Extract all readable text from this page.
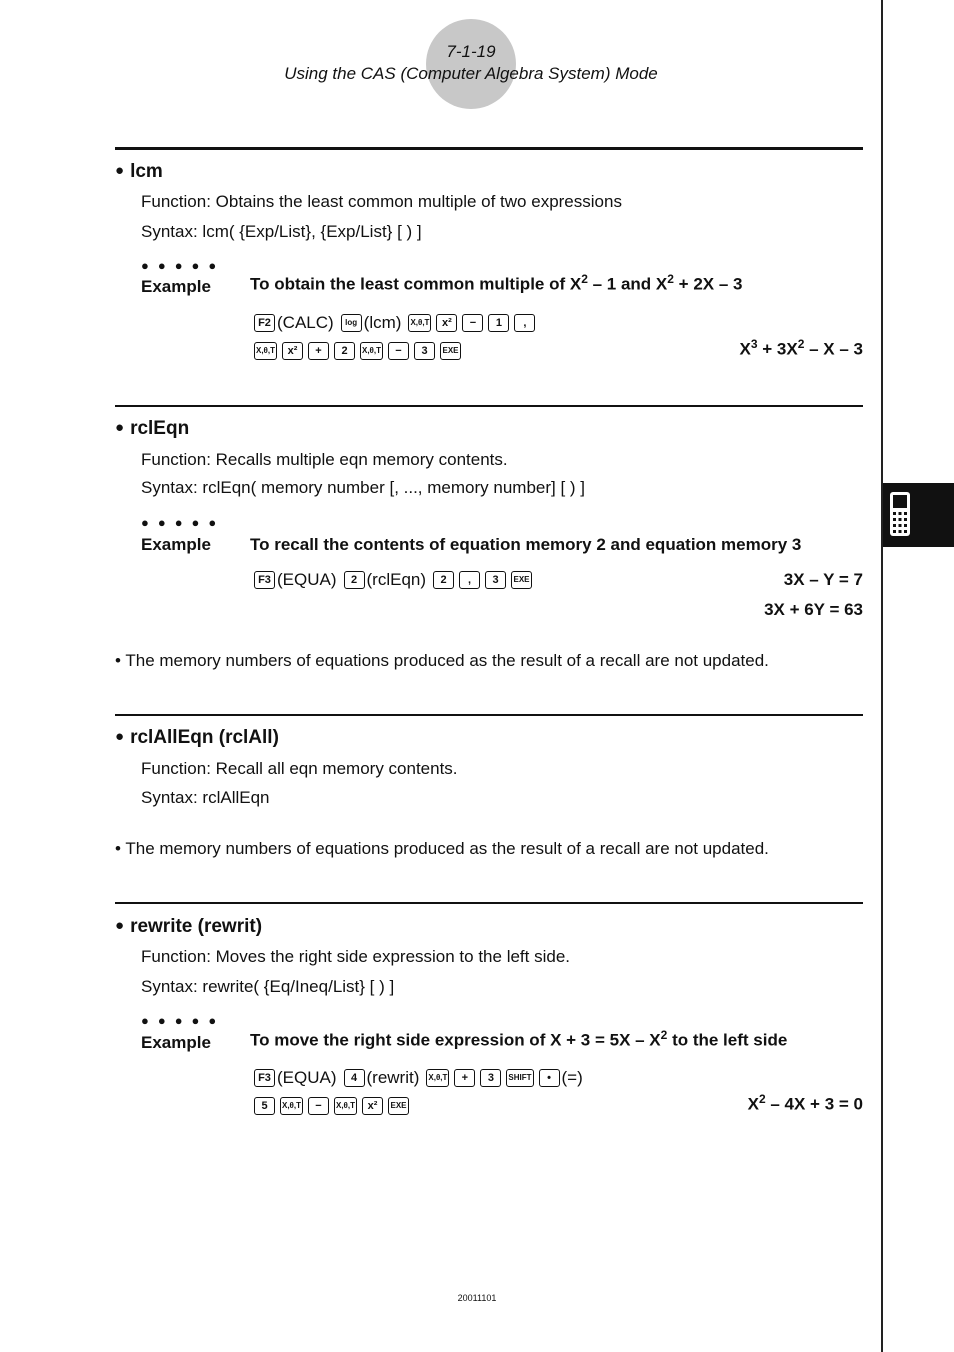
7-1-19
Using the CAS (Computer Algebra System) Mode
● lcm
Function: Obtains the least common multiple of two expressions
Syntax: lcm( {Exp/List}, {Exp/List} [ ) ]
●●●●●
Example To obtain the least common multiple of $X^2 - 1$ and $X^2 + 2X - 3$
F2 (CALC)	log (lcm) X,θ,T	x²	−	1	,
X,θ,T	x²	+	2	X,θ,T	−	3	EXE	$X^3 + 3X^2 - X - 3$
● rclEqn
Function: Recalls multiple eqn memory contents.
Syntax: rclEqn( memory number [, ..., memory number] [ ) ]
●●●●●
Example To recall the contents of equation memory 2 and equation memory 3
F3 (EQUA)	2 (rclEqn)	2	,	3	EXE	3X – Y = 7
3X + 6Y = 63
• The memory numbers of equations produced as the result of a recall are not updated.
● rclAllEqn (rclAll)
Function: Recall all eqn memory contents.
Syntax: rclAllEqn
• The memory numbers of equations produced as the result of a recall are not updated.
● rewrite (rewrit)
Function: Moves the right side expression to the left side.
Syntax: rewrite( {Eq/Ineq/List} [ ) ]
●●●●●
Example To move the right side expression of $X + 3 = 5X - X^2$ to the left side
F3 (EQUA)	4 (rewrit) X,θ,T	+	3	SHIFT	• (=)
5	X,θ,T	−	X,θ,T	x²	EXE	$X^2 - 4X + 3 = 0$
20011101
